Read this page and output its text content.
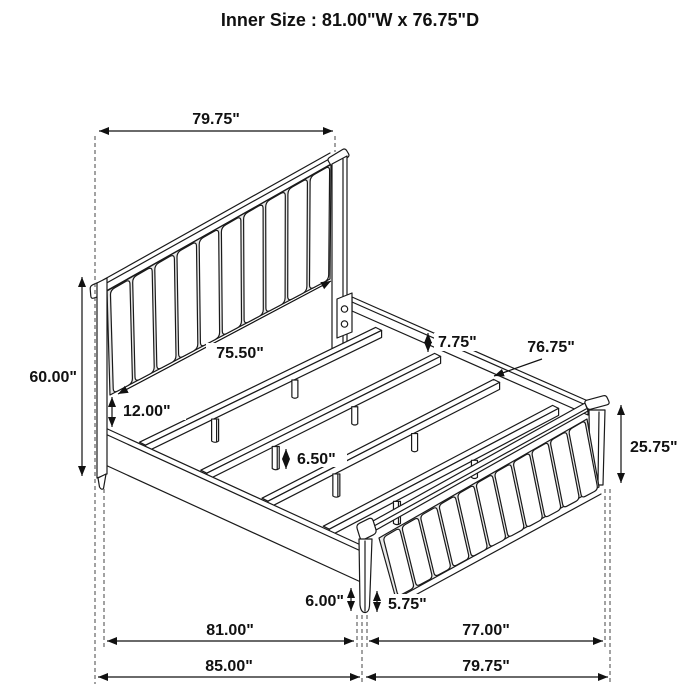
Inner Size : 81.00"W x 76.75"D
79.75"
60.00"
75.50"
12.00"
7.75"	76.75"
6.50"
25.75"
6.00"	5.75"
81.00"	77.00"
85.00"	79.75"
